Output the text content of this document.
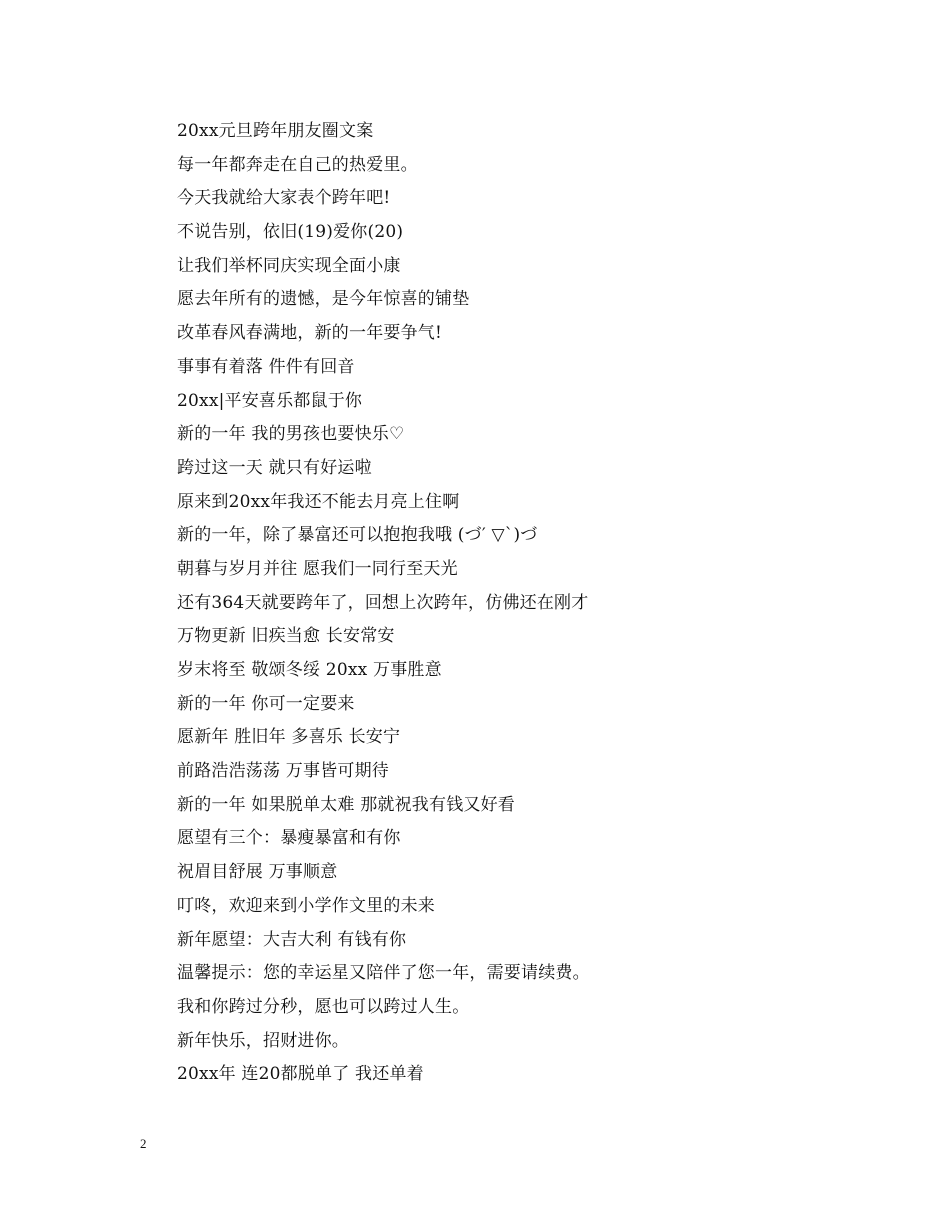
20xx元旦跨年朋友圈文案
每一年都奔走在自己的热爱里。
今天我就给大家表个跨年吧!
不说告别，依旧(19)爱你(20)
让我们举杯同庆实现全面小康
愿去年所有的遗憾，是今年惊喜的铺垫
改革春风春满地，新的一年要争气!
事事有着落 件件有回音
20xx|平安喜乐都鼠于你
新的一年 我的男孩也要快乐♡
跨过这一天 就只有好运啦
原来到20xx年我还不能去月亮上住啊
新的一年，除了暴富还可以抱抱我哦 (づ′ ▽`)づ
朝暮与岁月并往 愿我们一同行至天光
还有364天就要跨年了，回想上次跨年，仿佛还在刚才
万物更新 旧疾当愈 长安常安
岁末将至 敬颂冬绥 20xx 万事胜意
新的一年 你可一定要来
愿新年 胜旧年 多喜乐 长安宁
前路浩浩荡荡 万事皆可期待
新的一年 如果脱单太难 那就祝我有钱又好看
愿望有三个：暴瘦暴富和有你
祝眉目舒展 万事顺意
叮咚，欢迎来到小学作文里的未来
新年愿望：大吉大利 有钱有你
温馨提示：您的幸运星又陪伴了您一年，需要请续费。
我和你跨过分秒，愿也可以跨过人生。
新年快乐，招财进你。
20xx年 连20都脱单了 我还单着
2
